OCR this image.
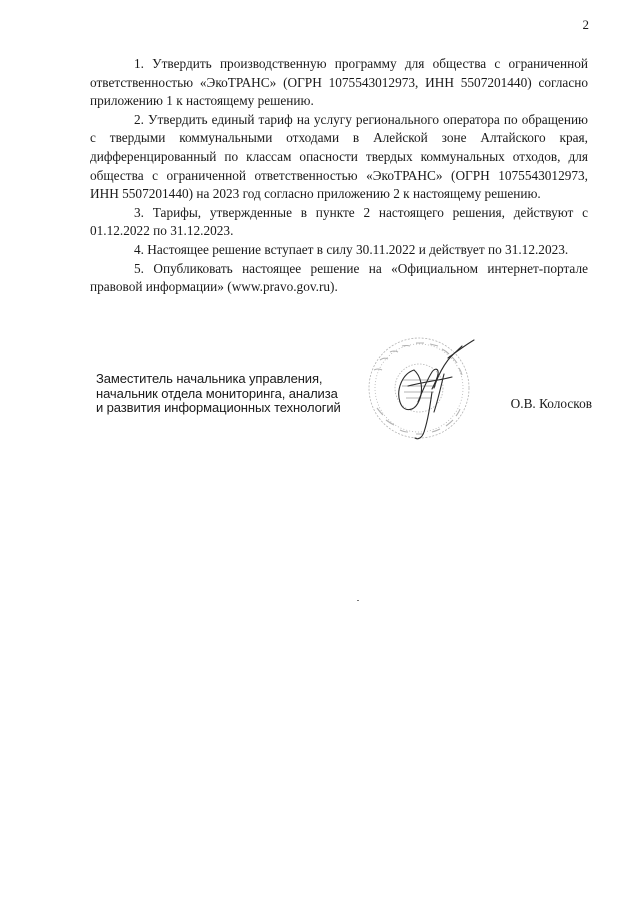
2

1. Утвердить производственную программу для общества с ограниченной ответственностью «ЭкоТРАНС» (ОГРН 1075543012973, ИНН 5507201440) согласно приложению 1 к настоящему решению.

2. Утвердить единый тариф на услугу регионального оператора по обращению с твердыми коммунальными отходами в Алейской зоне Алтайского края, дифференцированный по классам опасности твердых коммунальных отходов, для общества с ограниченной ответственностью «ЭкоТРАНС» (ОГРН 1075543012973, ИНН 5507201440) на 2023 год согласно приложению 2 к настоящему решению.

3. Тарифы, утвержденные в пункте 2 настоящего решения, действуют с 01.12.2022 по 31.12.2023.

4. Настоящее решение вступает в силу 30.11.2022 и действует по 31.12.2023.

5. Опубликовать настоящее решение на «Официальном интернет-портале правовой информации» (www.pravo.gov.ru).

Заместитель начальника управления,
начальник отдела мониторинга, анализа
и развития информационных технологий	О.В. Колосков
